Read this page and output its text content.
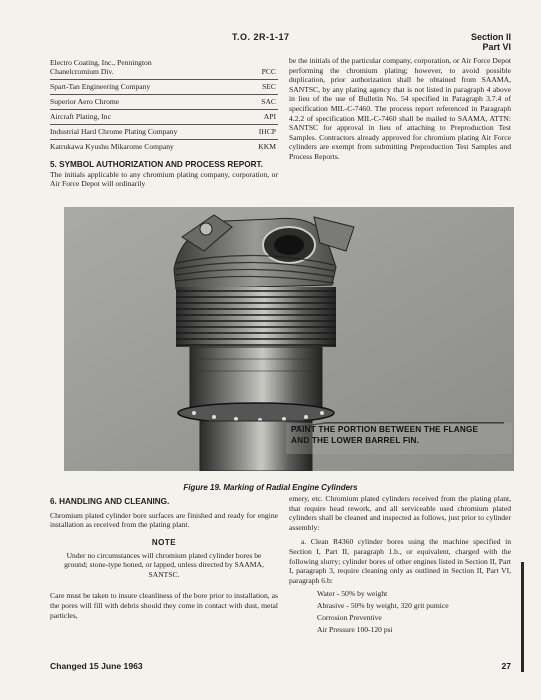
T.O. 2R-1-17	Section II
Part VI
Electro Coating, Inc., Pennington
Chanelcromium Div.	PCC
Spart-Tan Engineering Company	SEC
Superior Aero Chrome	SAC
Aircraft Plating, Inc	API
Industrial Hard Chrome Plating Company	IHCP
Katrukawa Kyushu Mikarome Company	KKM
5. SYMBOL AUTHORIZATION AND PROCESS REPORT.

The initials applicable to any chromium plating company, corporation, or Air Force Depot will ordinarily

be the initials of the particular company, corporation, or Air Force Depot performing the chromium plating; however, to avoid possible duplication, prior authorization shall be obtained from SAAMA, SANTSC, by any plating agency that is not listed in paragraph 4 above in lieu of the use of Bulletin No. 54 specified in Paragraph 3.7.4 of specification MIL-C-7460. The process report referenced in Paragraph 4.2.2 of specification MIL-C-7460 shall be mailed to SAAMA, ATTN: SANTSC for approval in lieu of attaching to Preproduction Test Samples. Contractors already approved for chromium plating Air Force cylinders are exempt from submitting Preproduction Test Samples and Process Reports.

PAINT THE PORTION BETWEEN THE FLANGE
AND THE LOWER BARREL FIN.
Figure 19. Marking of Radial Engine Cylinders
6. HANDLING AND CLEANING.

Chromium plated cylinder bore surfaces are finished and ready for engine installation as received from the plating plant.

NOTE
Under no circumstances will chromium plated cylinder bores be ground; stone-type honed, or lapped, unless directed by SAAMA, SANTSC.

Care must be taken to insure cleanliness of the bore prior to installation, as the pores will fill with debris should they come in contact with dust, metal particles,

emery, etc. Chromium plated cylinders received from the plating plant, that require head rework, and all serviceable used chromium plated cylinders shall be cleaned and inspected as follows, just prior to cylinder assembly:

a. Clean R4360 cylinder bores using the machine specified in Section I, Part II, paragraph 1.b., or equivalent, charged with the following slurry; cylinder bores of other engines listed in Section II, Part I, paragraph 3, require cleaning only as outlined in Section II, Part VI, paragraph 6.b:

Water - 50% by weight
Abrasive - 50% by weight, 320 grit pumice
Corrosion Preventive
Air Pressure 100-120 psi
Changed 15 June 1963	27
